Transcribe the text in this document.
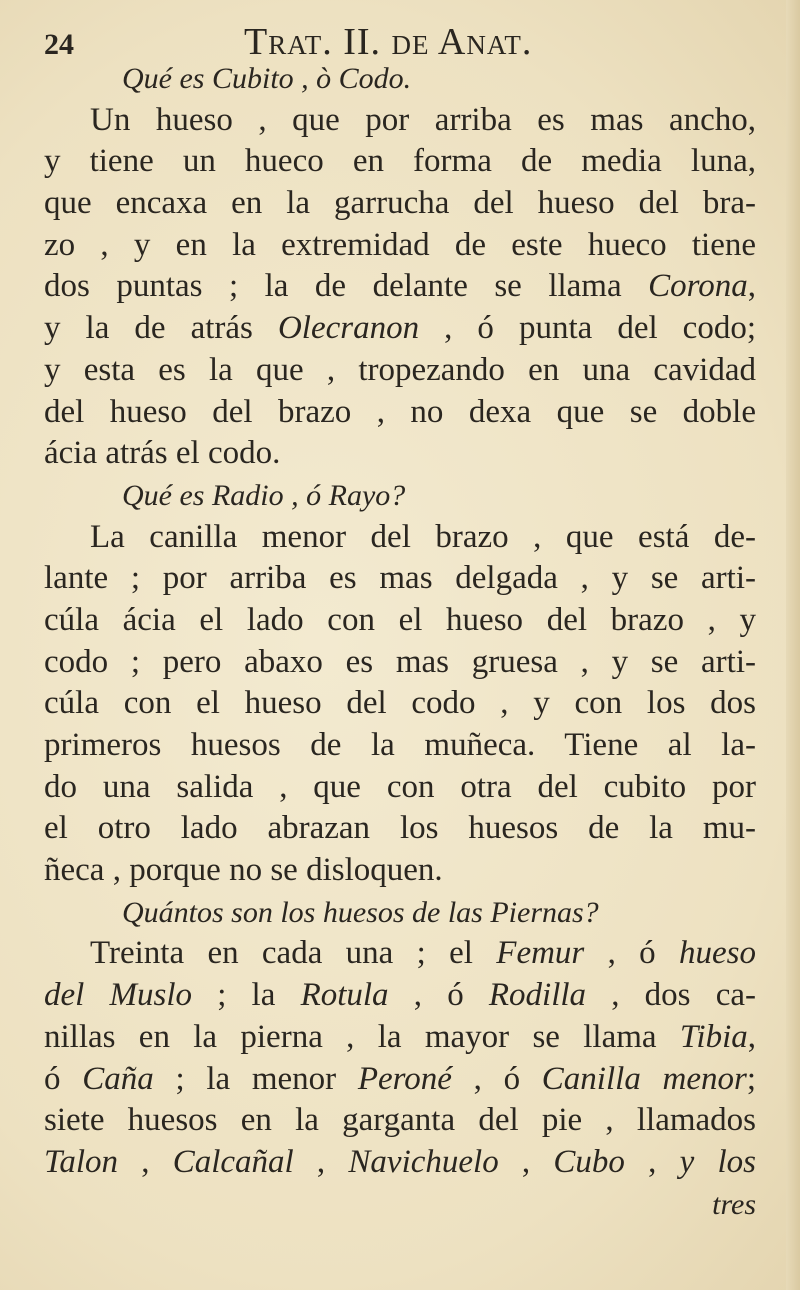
24	Trat. II. de Anat.
Qué es Cubito , ò Codo.
Un hueso , que por arriba es mas ancho,
y tiene un hueco en forma de media luna,
que encaxa en la garrucha del hueso del bra-
zo , y en la extremidad de este hueco tiene
dos puntas ; la de delante se llama Corona,
y la de atrás Olecranon , ó punta del codo;
y esta es la que , tropezando en una cavidad
del hueso del brazo , no dexa que se doble
ácia atrás el codo.
Qué es Radio , ó Rayo?
La canilla menor del brazo , que está de-
lante ; por arriba es mas delgada , y se arti-
cúla ácia el lado con el hueso del brazo , y
codo ; pero abaxo es mas gruesa , y se arti-
cúla con el hueso del codo , y con los dos
primeros huesos de la muñeca. Tiene al la-
do una salida , que con otra del cubito por
el otro lado abrazan los huesos de la mu-
ñeca , porque no se disloquen.
Quántos son los huesos de las Piernas?
Treinta en cada una ; el Femur , ó hueso
del Muslo ; la Rotula , ó Rodilla , dos ca-
nillas en la pierna , la mayor se llama Tibia,
ó Caña ; la menor Peroné , ó Canilla menor;
siete huesos en la garganta del pie , llamados
Talon , Calcañal , Navichuelo , Cubo , y los
tres
